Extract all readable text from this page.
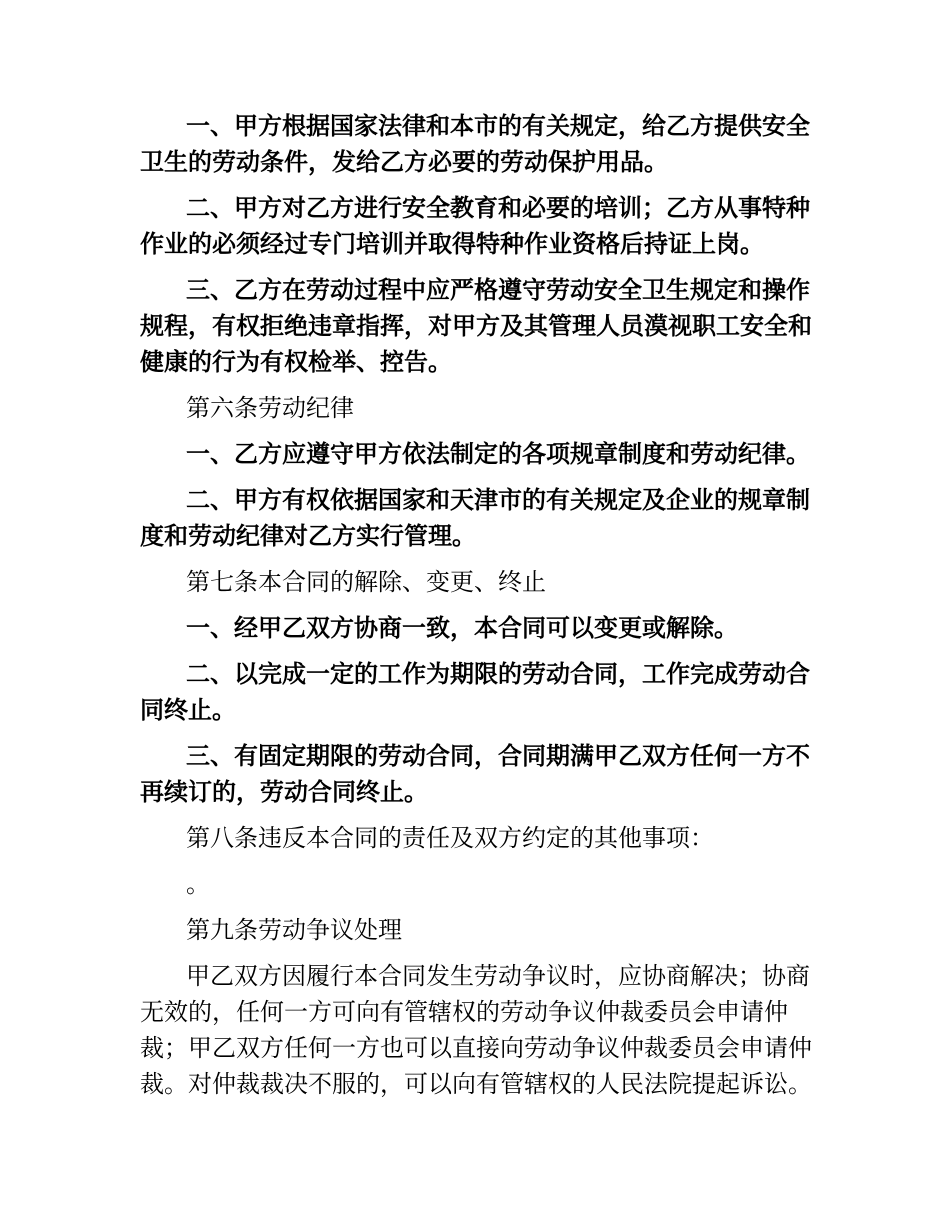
一、甲方根据国家法律和本市的有关规定，给乙方提供安全卫生的劳动条件，发给乙方必要的劳动保护用品。

二、甲方对乙方进行安全教育和必要的培训；乙方从事特种作业的必须经过专门培训并取得特种作业资格后持证上岗。

三、乙方在劳动过程中应严格遵守劳动安全卫生规定和操作规程，有权拒绝违章指挥，对甲方及其管理人员漠视职工安全和健康的行为有权检举、控告。

第六条劳动纪律

一、乙方应遵守甲方依法制定的各项规章制度和劳动纪律。

二、甲方有权依据国家和天津市的有关规定及企业的规章制度和劳动纪律对乙方实行管理。

第七条本合同的解除、变更、终止

一、经甲乙双方协商一致，本合同可以变更或解除。

二、以完成一定的工作为期限的劳动合同，工作完成劳动合同终止。

三、有固定期限的劳动合同，合同期满甲乙双方任何一方不再续订的，劳动合同终止。

第八条违反本合同的责任及双方约定的其他事项：

。

第九条劳动争议处理

甲乙双方因履行本合同发生劳动争议时，应协商解决；协商无效的，任何一方可向有管辖权的劳动争议仲裁委员会申请仲裁；甲乙双方任何一方也可以直接向劳动争议仲裁委员会申请仲裁。对仲裁裁决不服的，可以向有管辖权的人民法院提起诉讼。
